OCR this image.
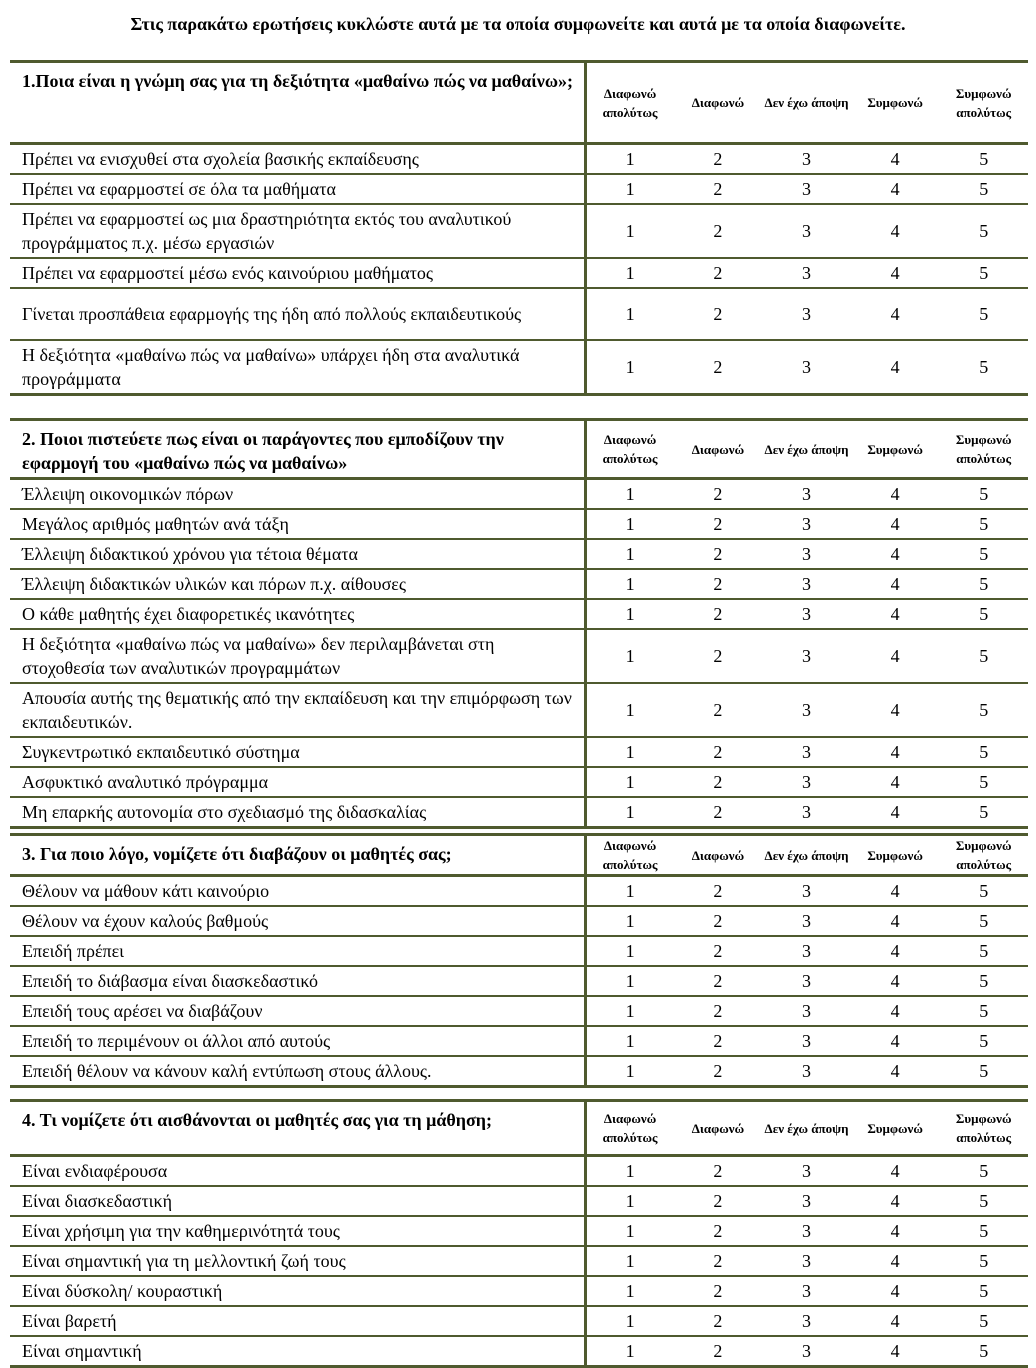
Στις παρακάτω ερωτήσεις κυκλώστε αυτά με τα οποία συμφωνείτε και αυτά με τα οποία διαφωνείτε.
1.Ποια είναι η γνώμη σας για τη δεξιότητα «μαθαίνω πώς να μαθαίνω»;	Διαφωνώ απολύτως	Διαφωνώ	Δεν έχω άποψη	Συμφωνώ	Συμφωνώ απολύτως
Πρέπει να ενισχυθεί στα σχολεία βασικής εκπαίδευσης	1	2	3	4	5
Πρέπει να εφαρμοστεί σε όλα τα μαθήματα	1	2	3	4	5
Πρέπει να εφαρμοστεί ως μια δραστηριότητα εκτός του αναλυτικού προγράμματος π.χ. μέσω εργασιών	1	2	3	4	5
Πρέπει να εφαρμοστεί μέσω ενός καινούριου μαθήματος	1	2	3	4	5
Γίνεται προσπάθεια εφαρμογής της ήδη από πολλούς εκπαιδευτικούς	1	2	3	4	5
Η δεξιότητα «μαθαίνω πώς να μαθαίνω» υπάρχει ήδη στα αναλυτικά προγράμματα	1	2	3	4	5
2. Ποιοι πιστεύετε πως είναι οι παράγοντες που εμποδίζουν την εφαρμογή του «μαθαίνω πώς να μαθαίνω»	Διαφωνώ απολύτως	Διαφωνώ	Δεν έχω άποψη	Συμφωνώ	Συμφωνώ απολύτως
Έλλειψη οικονομικών πόρων	1	2	3	4	5
Μεγάλος αριθμός μαθητών ανά τάξη	1	2	3	4	5
Έλλειψη διδακτικού χρόνου για τέτοια θέματα	1	2	3	4	5
Έλλειψη διδακτικών υλικών και πόρων π.χ. αίθουσες	1	2	3	4	5
Ο κάθε μαθητής έχει διαφορετικές ικανότητες	1	2	3	4	5
Η δεξιότητα «μαθαίνω πώς να μαθαίνω» δεν περιλαμβάνεται στη στοχοθεσία των αναλυτικών προγραμμάτων	1	2	3	4	5
Απουσία αυτής της θεματικής από την εκπαίδευση και την επιμόρφωση των εκπαιδευτικών.	1	2	3	4	5
Συγκεντρωτικό εκπαιδευτικό σύστημα	1	2	3	4	5
Ασφυκτικό αναλυτικό πρόγραμμα	1	2	3	4	5
Μη επαρκής αυτονομία στο σχεδιασμό της διδασκαλίας	1	2	3	4	5
3. Για ποιο λόγο, νομίζετε ότι διαβάζουν οι μαθητές σας;	Διαφωνώ απολύτως	Διαφωνώ	Δεν έχω άποψη	Συμφωνώ	Συμφωνώ απολύτως
Θέλουν να μάθουν κάτι καινούριο	1	2	3	4	5
Θέλουν να έχουν καλούς βαθμούς	1	2	3	4	5
Επειδή πρέπει	1	2	3	4	5
Επειδή το διάβασμα είναι διασκεδαστικό	1	2	3	4	5
Επειδή τους αρέσει να διαβάζουν	1	2	3	4	5
Επειδή το περιμένουν οι άλλοι από αυτούς	1	2	3	4	5
Επειδή θέλουν να κάνουν καλή εντύπωση στους άλλους.	1	2	3	4	5
4. Τι νομίζετε ότι αισθάνονται οι μαθητές σας για τη μάθηση;	Διαφωνώ απολύτως	Διαφωνώ	Δεν έχω άποψη	Συμφωνώ	Συμφωνώ απολύτως
Είναι ενδιαφέρουσα	1	2	3	4	5
Είναι διασκεδαστική	1	2	3	4	5
Είναι χρήσιμη για την καθημερινότητά τους	1	2	3	4	5
Είναι σημαντική για τη μελλοντική ζωή τους	1	2	3	4	5
Είναι δύσκολη/ κουραστική	1	2	3	4	5
Είναι βαρετή	1	2	3	4	5
Είναι σημαντική	1	2	3	4	5
